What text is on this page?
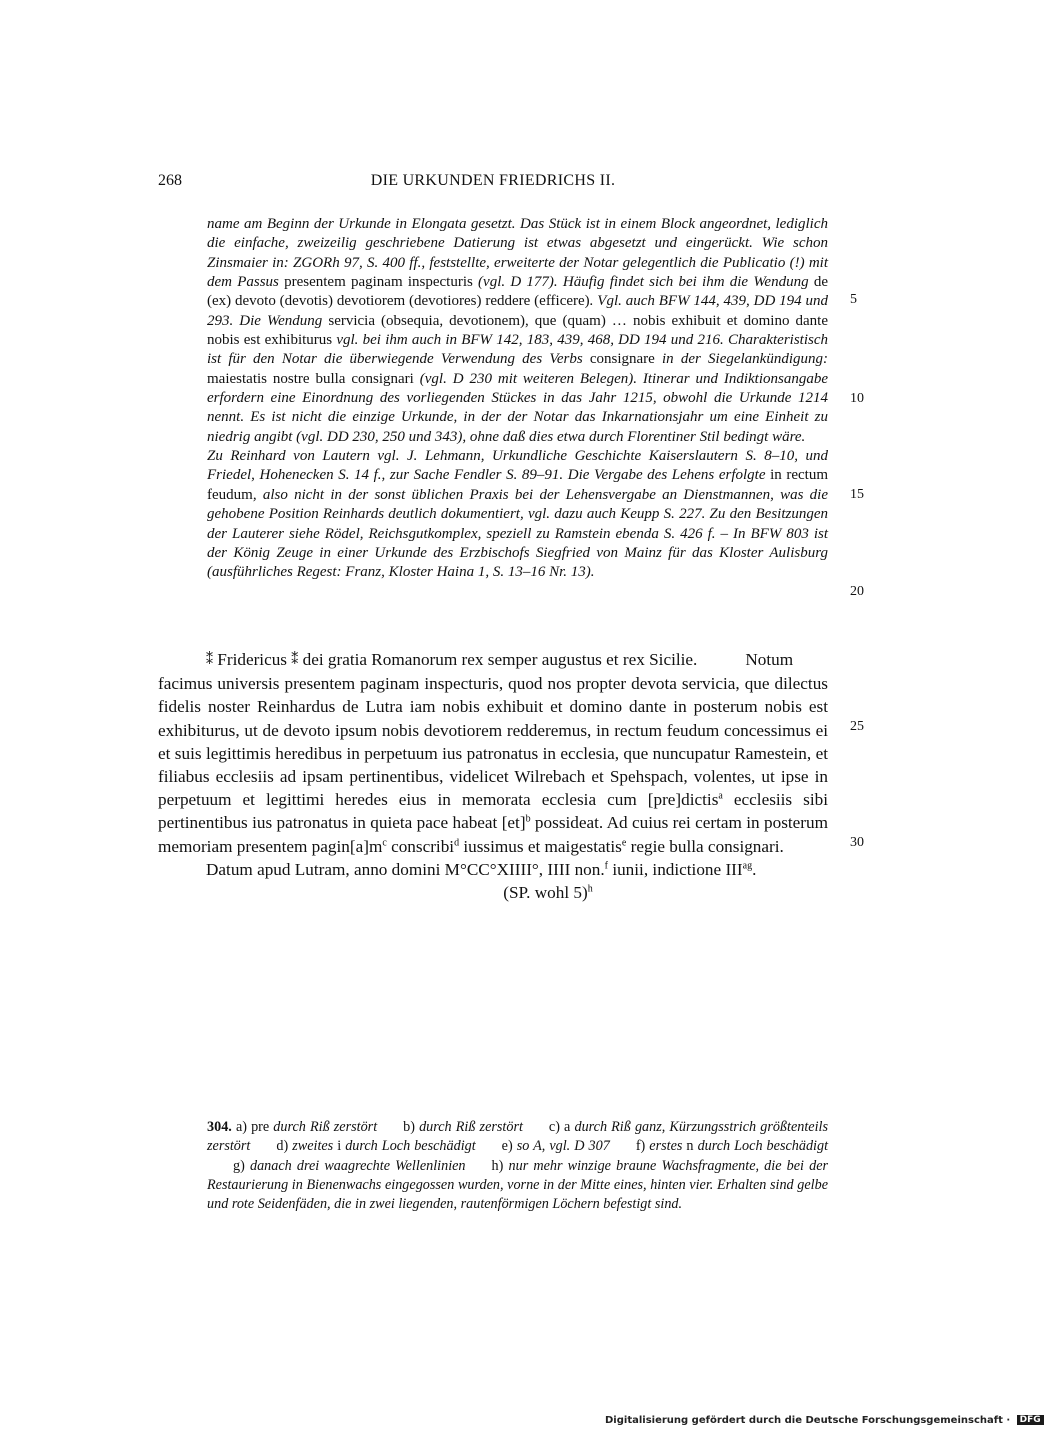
268	DIE URKUNDEN FRIEDRICHS II.

name am Beginn der Urkunde in Elongata gesetzt. Das Stück ist in einem Block angeordnet, lediglich die einfache, zweizeilig geschriebene Datierung ist etwas abgesetzt und eingerückt. Wie schon Zinsmaier in: ZGORh 97, S. 400 ff., feststellte, erweiterte der Notar gelegentlich die Publicatio (!) mit dem Passus presentem paginam inspecturis (vgl. D 177). Häufig findet sich bei ihm die Wendung de (ex) devoto (devotis) devotiorem (devotiores) reddere (efficere). Vgl. auch BFW 144, 439, DD 194 und 293. Die Wendung servicia (obsequia, devotionem), que (quam) … nobis exhibuit et domino dante nobis est exhibiturus vgl. bei ihm auch in BFW 142, 183, 439, 468, DD 194 und 216. Charakteristisch ist für den Notar die überwiegende Verwendung des Verbs consignare in der Siegelankündigung: maiestatis nostre bulla consignari (vgl. D 230 mit weiteren Belegen). Itinerar und Indiktionsangabe erfordern eine Einordnung des vorliegenden Stückes in das Jahr 1215, obwohl die Urkunde 1214 nennt. Es ist nicht die einzige Urkunde, in der der Notar das Inkarnationsjahr um eine Einheit zu niedrig angibt (vgl. DD 230, 250 und 343), ohne daß dies etwa durch Florentiner Stil bedingt wäre.

Zu Reinhard von Lautern vgl. J. Lehmann, Urkundliche Geschichte Kaiserslautern S. 8–10, und Friedel, Hohenecken S. 14 f., zur Sache Fendler S. 89–91. Die Vergabe des Lehens erfolgte in rectum feudum, also nicht in der sonst üblichen Praxis bei der Lehensvergabe an Dienstmannen, was die gehobene Position Reinhards deutlich dokumentiert, vgl. dazu auch Keupp S. 227. Zu den Besitzungen der Lauterer siehe Rödel, Reichsgutkomplex, speziell zu Ramstein ebenda S. 426 f. – In BFW 803 ist der König Zeuge in einer Urkunde des Erzbischofs Siegfried von Mainz für das Kloster Aulisburg (ausführliches Regest: Franz, Kloster Haina 1, S. 13–16 Nr. 13).

5
10
15
20
25
30

⁑ Fridericus ⁑ dei gratia Romanorum rex semper augustus et rex Sicilie.	Notum

facimus universis presentem paginam inspecturis, quod nos propter devota servicia, que dilectus fidelis noster Reinhardus de Lutra iam nobis exhibuit et domino dante in posterum nobis est exhibiturus, ut de devoto ipsum nobis devotiorem redderemus, in rectum feudum concessimus ei et suis legittimis heredibus in perpetuum ius patronatus in ecclesia, que nuncupatur Ramestein, et filiabus ecclesiis ad ipsam pertinentibus, videlicet Wilrebach et Spehspach, volentes, ut ipse in perpetuum et legittimi heredes eius in memorata ecclesia cum [pre]dictis$^a$ ecclesiis sibi pertinentibus ius patronatus in quieta pace habeat [et]$^b$ possideat. Ad cuius rei certam in posterum memoriam presentem $pagin[a]m^c$ conscribi$^d$ iussimus et maigestatis$^e$ regie bulla consignari.

Datum apud Lutram, anno domini M°CC°XIIII°, IIII non.$^f$ iunii, indictione $III^{ag}$.

(SP. wohl 5)$^h$

304. a) pre durch Riß zerstört b) durch Riß zerstört c) a durch Riß ganz, Kürzungsstrich größtenteils zerstört d) zweites i durch Loch beschädigt e) so A, vgl. D 307 f) erstes n durch Loch beschädigtg) danach drei waagrechte Wellenlinien h) nur mehr winzige braune Wachsfragmente, die bei der Restaurierung in Bienenwachs eingegossen wurden, vorne in der Mitte eines, hinten vier. Erhalten sind gelbe und rote Seidenfäden, die in zwei liegenden, rautenförmigen Löchern befestigt sind.

Digitalisierung gefördert durch die Deutsche Forschungsgemeinschaft · DFG
